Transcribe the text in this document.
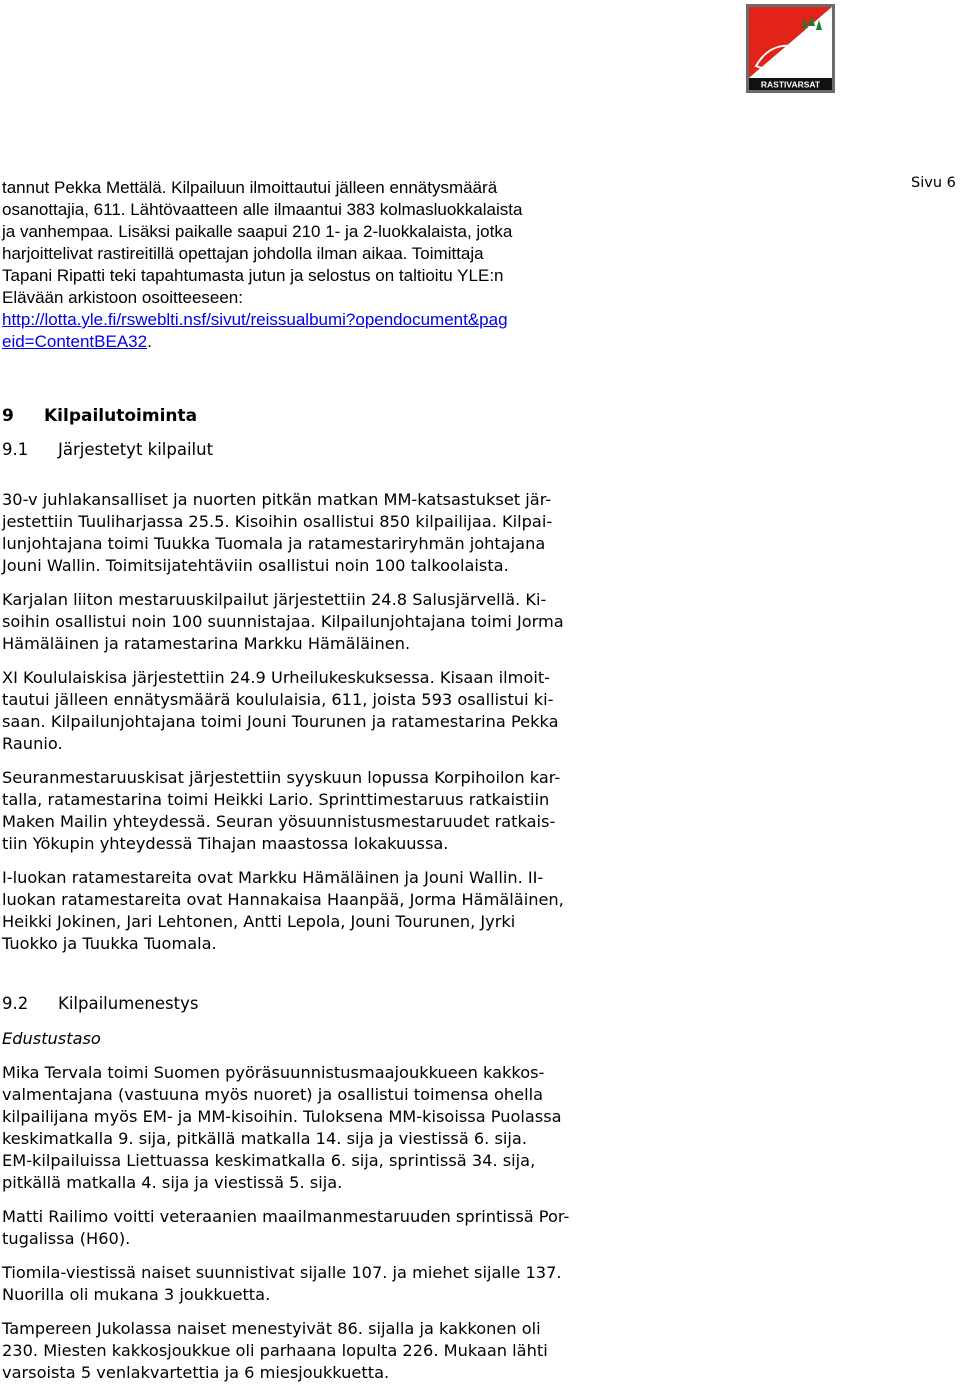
RASTIVARSAT
Sivu 6

tannut Pekka Mettälä. Kilpailuun ilmoittautui jälleen ennätysmäärä
osanottajia, 611. Lähtövaatteen alle ilmaantui 383 kolmasluokkalaista
ja vanhempaa. Lisäksi paikalle saapui 210 1- ja 2-luokkalaista, jotka
harjoittelivat rastireitillä opettajan johdolla ilman aikaa. Toimittaja
Tapani Ripatti teki tapahtumasta jutun ja selostus on taltioitu YLE:n
Elävään arkistoon osoitteeseen:
http://lotta.yle.fi/rsweblti.nsf/sivut/reissualbumi?opendocument&pag
eid=ContentBEA32.

9 Kilpailutoiminta
9.1 Järjestetyt kilpailut

30-v juhlakansalliset ja nuorten pitkän matkan MM-katsastukset jär-
jestettiin Tuuliharjassa 25.5. Kisoihin osallistui 850 kilpailijaa. Kilpai-
lunjohtajana toimi Tuukka Tuomala ja ratamestariryhmän johtajana
Jouni Wallin. Toimitsijatehtäviin osallistui noin 100 talkoolaista.

Karjalan liiton mestaruuskilpailut järjestettiin 24.8 Salusjärvellä. Ki-
soihin osallistui noin 100 suunnistajaa. Kilpailunjohtajana toimi Jorma
Hämäläinen ja ratamestarina Markku Hämäläinen.

XI Koululaiskisa järjestettiin 24.9 Urheilukeskuksessa. Kisaan ilmoit-
tautui jälleen ennätysmäärä koululaisia, 611, joista 593 osallistui ki-
saan. Kilpailunjohtajana toimi Jouni Tourunen ja ratamestarina Pekka
Raunio.

Seuranmestaruuskisat järjestettiin syyskuun lopussa Korpihoilon kar-
talla, ratamestarina toimi Heikki Lario. Sprinttimestaruus ratkaistiin
Maken Mailin yhteydessä. Seuran yösuunnistusmestaruudet ratkais-
tiin Yökupin yhteydessä Tihajan maastossa lokakuussa.

I-luokan ratamestareita ovat Markku Hämäläinen ja Jouni Wallin. II-
luokan ratamestareita ovat Hannakaisa Haanpää, Jorma Hämäläinen,
Heikki Jokinen, Jari Lehtonen, Antti Lepola, Jouni Tourunen, Jyrki
Tuokko ja Tuukka Tuomala.

9.2 Kilpailumenestys

Edustustaso

Mika Tervala toimi Suomen pyöräsuunnistusmaajoukkueen kakkos-
valmentajana (vastuuna myös nuoret) ja osallistui toimensa ohella
kilpailijana myös EM- ja MM-kisoihin. Tuloksena MM-kisoissa Puolassa
keskimatkalla 9. sija, pitkällä matkalla 14. sija ja viestissä 6. sija.
EM-kilpailuissa Liettuassa keskimatkalla 6. sija, sprintissä 34. sija,
pitkällä matkalla 4. sija ja viestissä 5. sija.

Matti Railimo voitti veteraanien maailmanmestaruuden sprintissä Por-
tugalissa (H60).

Tiomila-viestissä naiset suunnistivat sijalle 107. ja miehet sijalle 137.
Nuorilla oli mukana 3 joukkuetta.

Tampereen Jukolassa naiset menestyivät 86. sijalla ja kakkonen oli
230. Miesten kakkosjoukkue oli parhaana lopulta 226. Mukaan lähti
varsoista 5 venlakvartettia ja 6 miesjoukkuetta.
